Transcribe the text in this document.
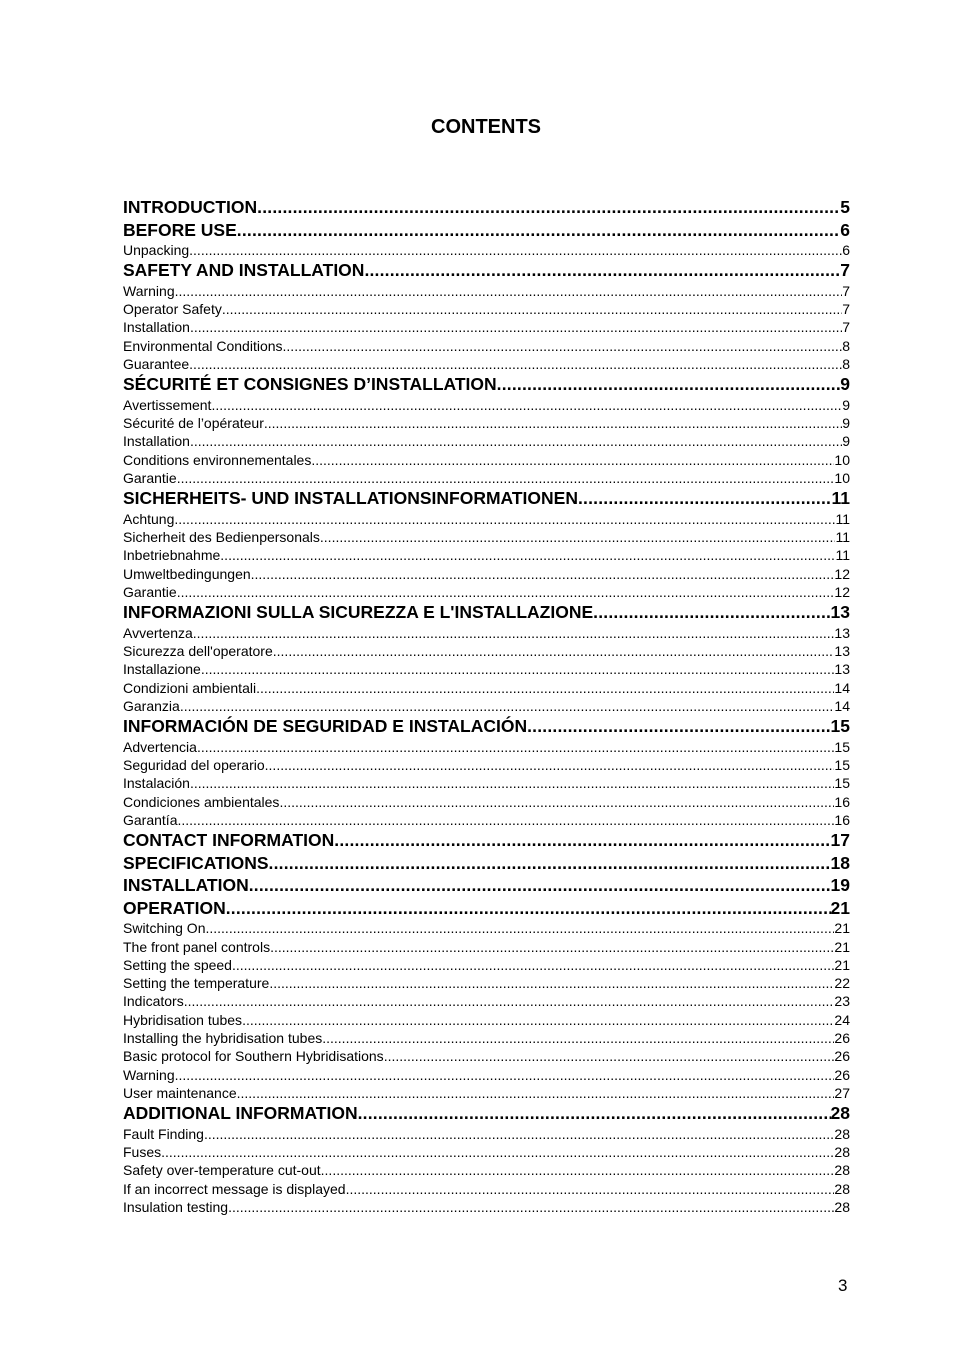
CONTENTS
INTRODUCTION .....	5
BEFORE USE .....	6
Unpacking .....	6
SAFETY AND INSTALLATION .....	7
Warning .....	7
Operator Safety .....	7
Installation .....	7
Environmental Conditions .....	8
Guarantee .....	8
SÉCURITÉ ET CONSIGNES D’INSTALLATION .....	9
Avertissement .....	9
Sécurité de l’opérateur .....	9
Installation .....	9
Conditions environnementales .....	10
Garantie .....	10
SICHERHEITS- UND INSTALLATIONSINFORMATIONEN .....	11
Achtung .....	11
Sicherheit des Bedienpersonals .....	11
Inbetriebnahme .....	11
Umweltbedingungen .....	12
Garantie .....	12
INFORMAZIONI SULLA SICUREZZA E L'INSTALLAZIONE .....	13
Avvertenza .....	13
Sicurezza dell'operatore .....	13
Installazione .....	13
Condizioni ambientali .....	14
Garanzia .....	14
INFORMACIÓN DE SEGURIDAD E INSTALACIÓN .....	15
Advertencia .....	15
Seguridad del operario .....	15
Instalación .....	15
Condiciones ambientales .....	16
Garantía .....	16
CONTACT INFORMATION .....	17
SPECIFICATIONS .....	18
INSTALLATION .....	19
OPERATION .....	21
Switching On .....	21
The front panel controls .....	21
Setting the speed .....	21
Setting the temperature .....	22
Indicators .....	23
Hybridisation tubes .....	24
Installing the hybridisation tubes .....	26
Basic protocol for Southern Hybridisations .....	26
Warning .....	26
User maintenance .....	27
ADDITIONAL INFORMATION .....	28
Fault Finding .....	28
Fuses .....	28
Safety over-temperature cut-out .....	28
If an incorrect message is displayed .....	28
Insulation testing .....	28
3
